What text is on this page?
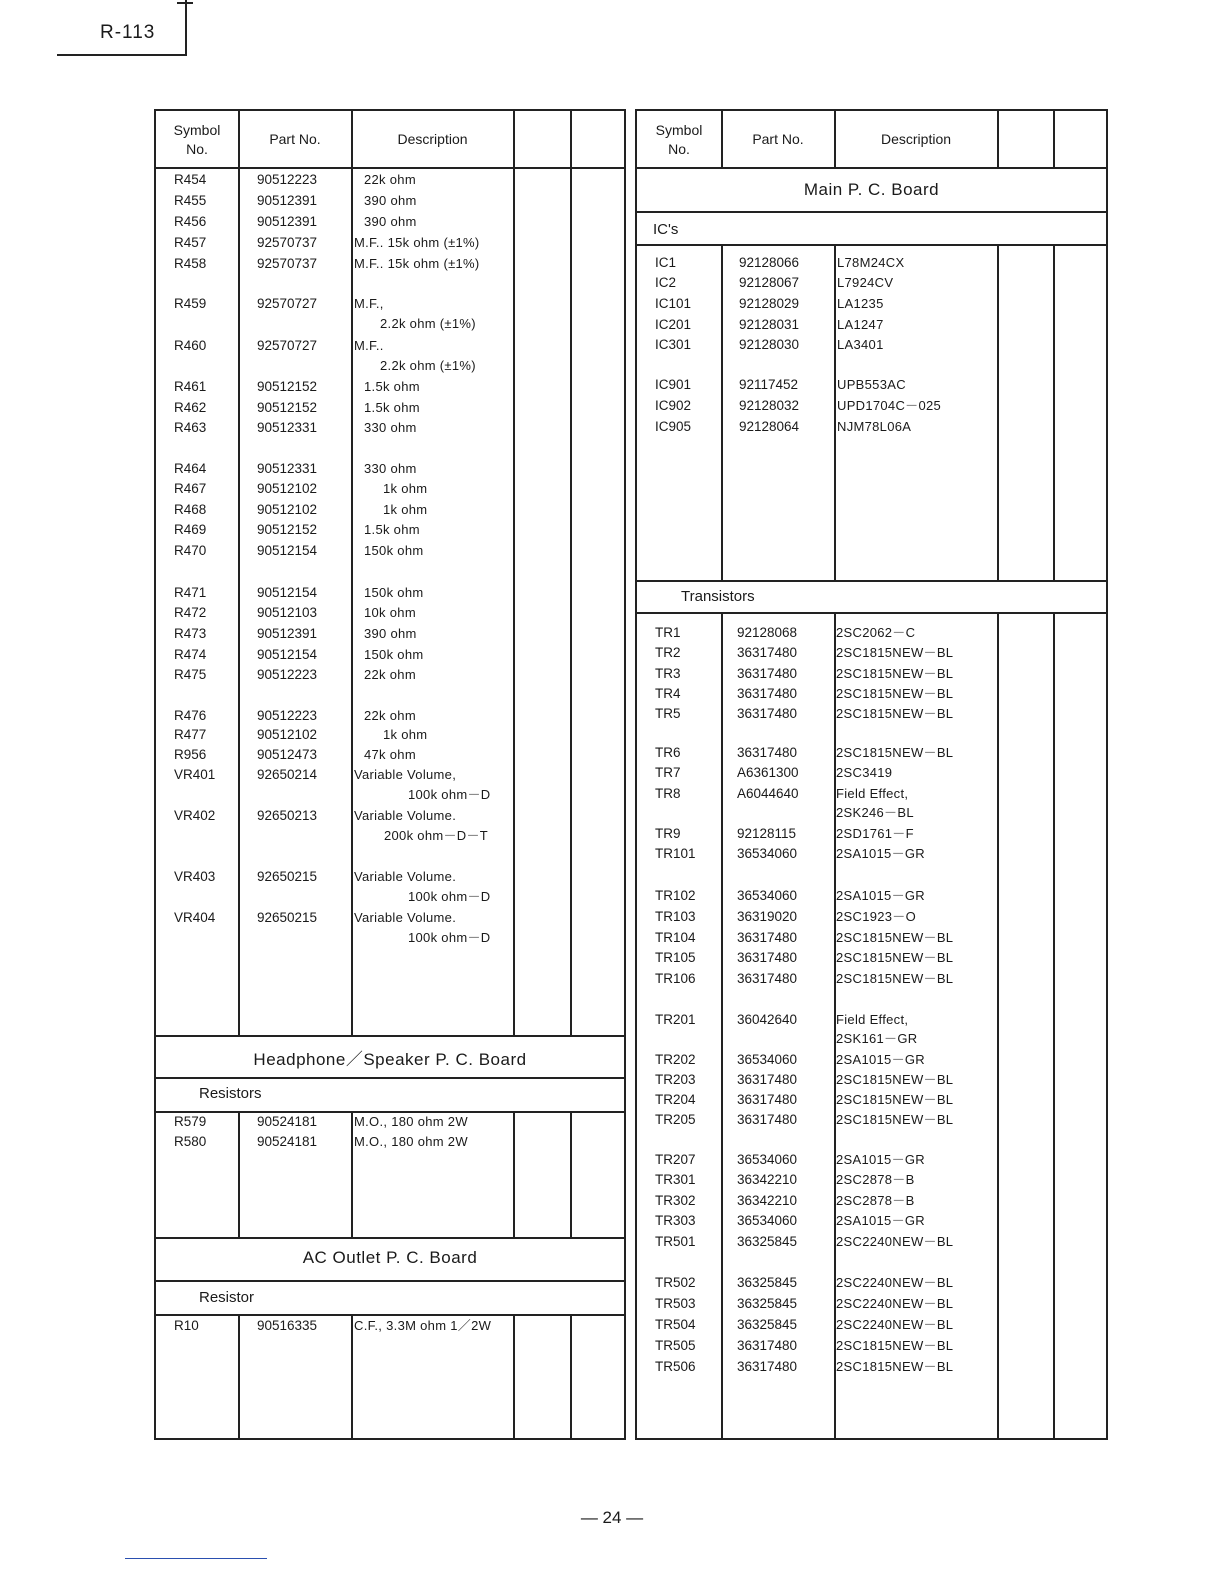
R-113
Symbol
No.
Part No.	Description
R454	90512223	22k ohm
R455	90512391	390 ohm
R456	90512391	390 ohm
R457	92570737	M.F.. 15k ohm (±1%)
R458	92570737	M.F.. 15k ohm (±1%)
R459	92570727	M.F.,
2.2k ohm (±1%)
R460	92570727	M.F..
2.2k ohm (±1%)
R461	90512152	1.5k ohm
R462	90512152	1.5k ohm
R463	90512331	330 ohm
R464	90512331	330 ohm
R467	90512102	1k ohm
R468	90512102	1k ohm
R469	90512152	1.5k ohm
R470	90512154	150k ohm
R471	90512154	150k ohm
R472	90512103	10k ohm
R473	90512391	390 ohm
R474	90512154	150k ohm
R475	90512223	22k ohm
R476	90512223	22k ohm
R477	90512102	1k ohm
R956	90512473	47k ohm
VR401	92650214	Variable Volume,
100k ohm－D
VR402	92650213	Variable Volume.
200k ohm－D－T
VR403	92650215	Variable Volume.
100k ohm－D
VR404	92650215	Variable Volume.
100k ohm－D
Headphone／Speaker P. C. Board
Resistors
R579	90524181	M.O., 180 ohm 2W
R580	90524181	M.O., 180 ohm 2W
AC Outlet P. C. Board
Resistor
R10	90516335	C.F., 3.3M ohm 1／2W
Symbol
No.
Part No.	Description
Main P. C. Board
IC's
IC1	92128066	L78M24CX
IC2	92128067	L7924CV
IC101	92128029	LA1235
IC201	92128031	LA1247
IC301	92128030	LA3401
IC901	92117452	UPB553AC
IC902	92128032	UPD1704C－025
IC905	92128064	NJM78L06A
Transistors
TR1	92128068	2SC2062－C
TR2	36317480	2SC1815NEW－BL
TR3	36317480	2SC1815NEW－BL
TR4	36317480	2SC1815NEW－BL
TR5	36317480	2SC1815NEW－BL
TR6	36317480	2SC1815NEW－BL
TR7	A6361300	2SC3419
TR8	A6044640	Field Effect,
2SK246－BL
TR9	92128115	2SD1761－F
TR101	36534060	2SA1015－GR
TR102	36534060	2SA1015－GR
TR103	36319020	2SC1923－O
TR104	36317480	2SC1815NEW－BL
TR105	36317480	2SC1815NEW－BL
TR106	36317480	2SC1815NEW－BL
TR201	36042640	Field Effect,
2SK161－GR
TR202	36534060	2SA1015－GR
TR203	36317480	2SC1815NEW－BL
TR204	36317480	2SC1815NEW－BL
TR205	36317480	2SC1815NEW－BL
TR207	36534060	2SA1015－GR
TR301	36342210	2SC2878－B
TR302	36342210	2SC2878－B
TR303	36534060	2SA1015－GR
TR501	36325845	2SC2240NEW－BL
TR502	36325845	2SC2240NEW－BL
TR503	36325845	2SC2240NEW－BL
TR504	36325845	2SC2240NEW－BL
TR505	36317480	2SC1815NEW－BL
TR506	36317480	2SC1815NEW－BL
— 24 —
